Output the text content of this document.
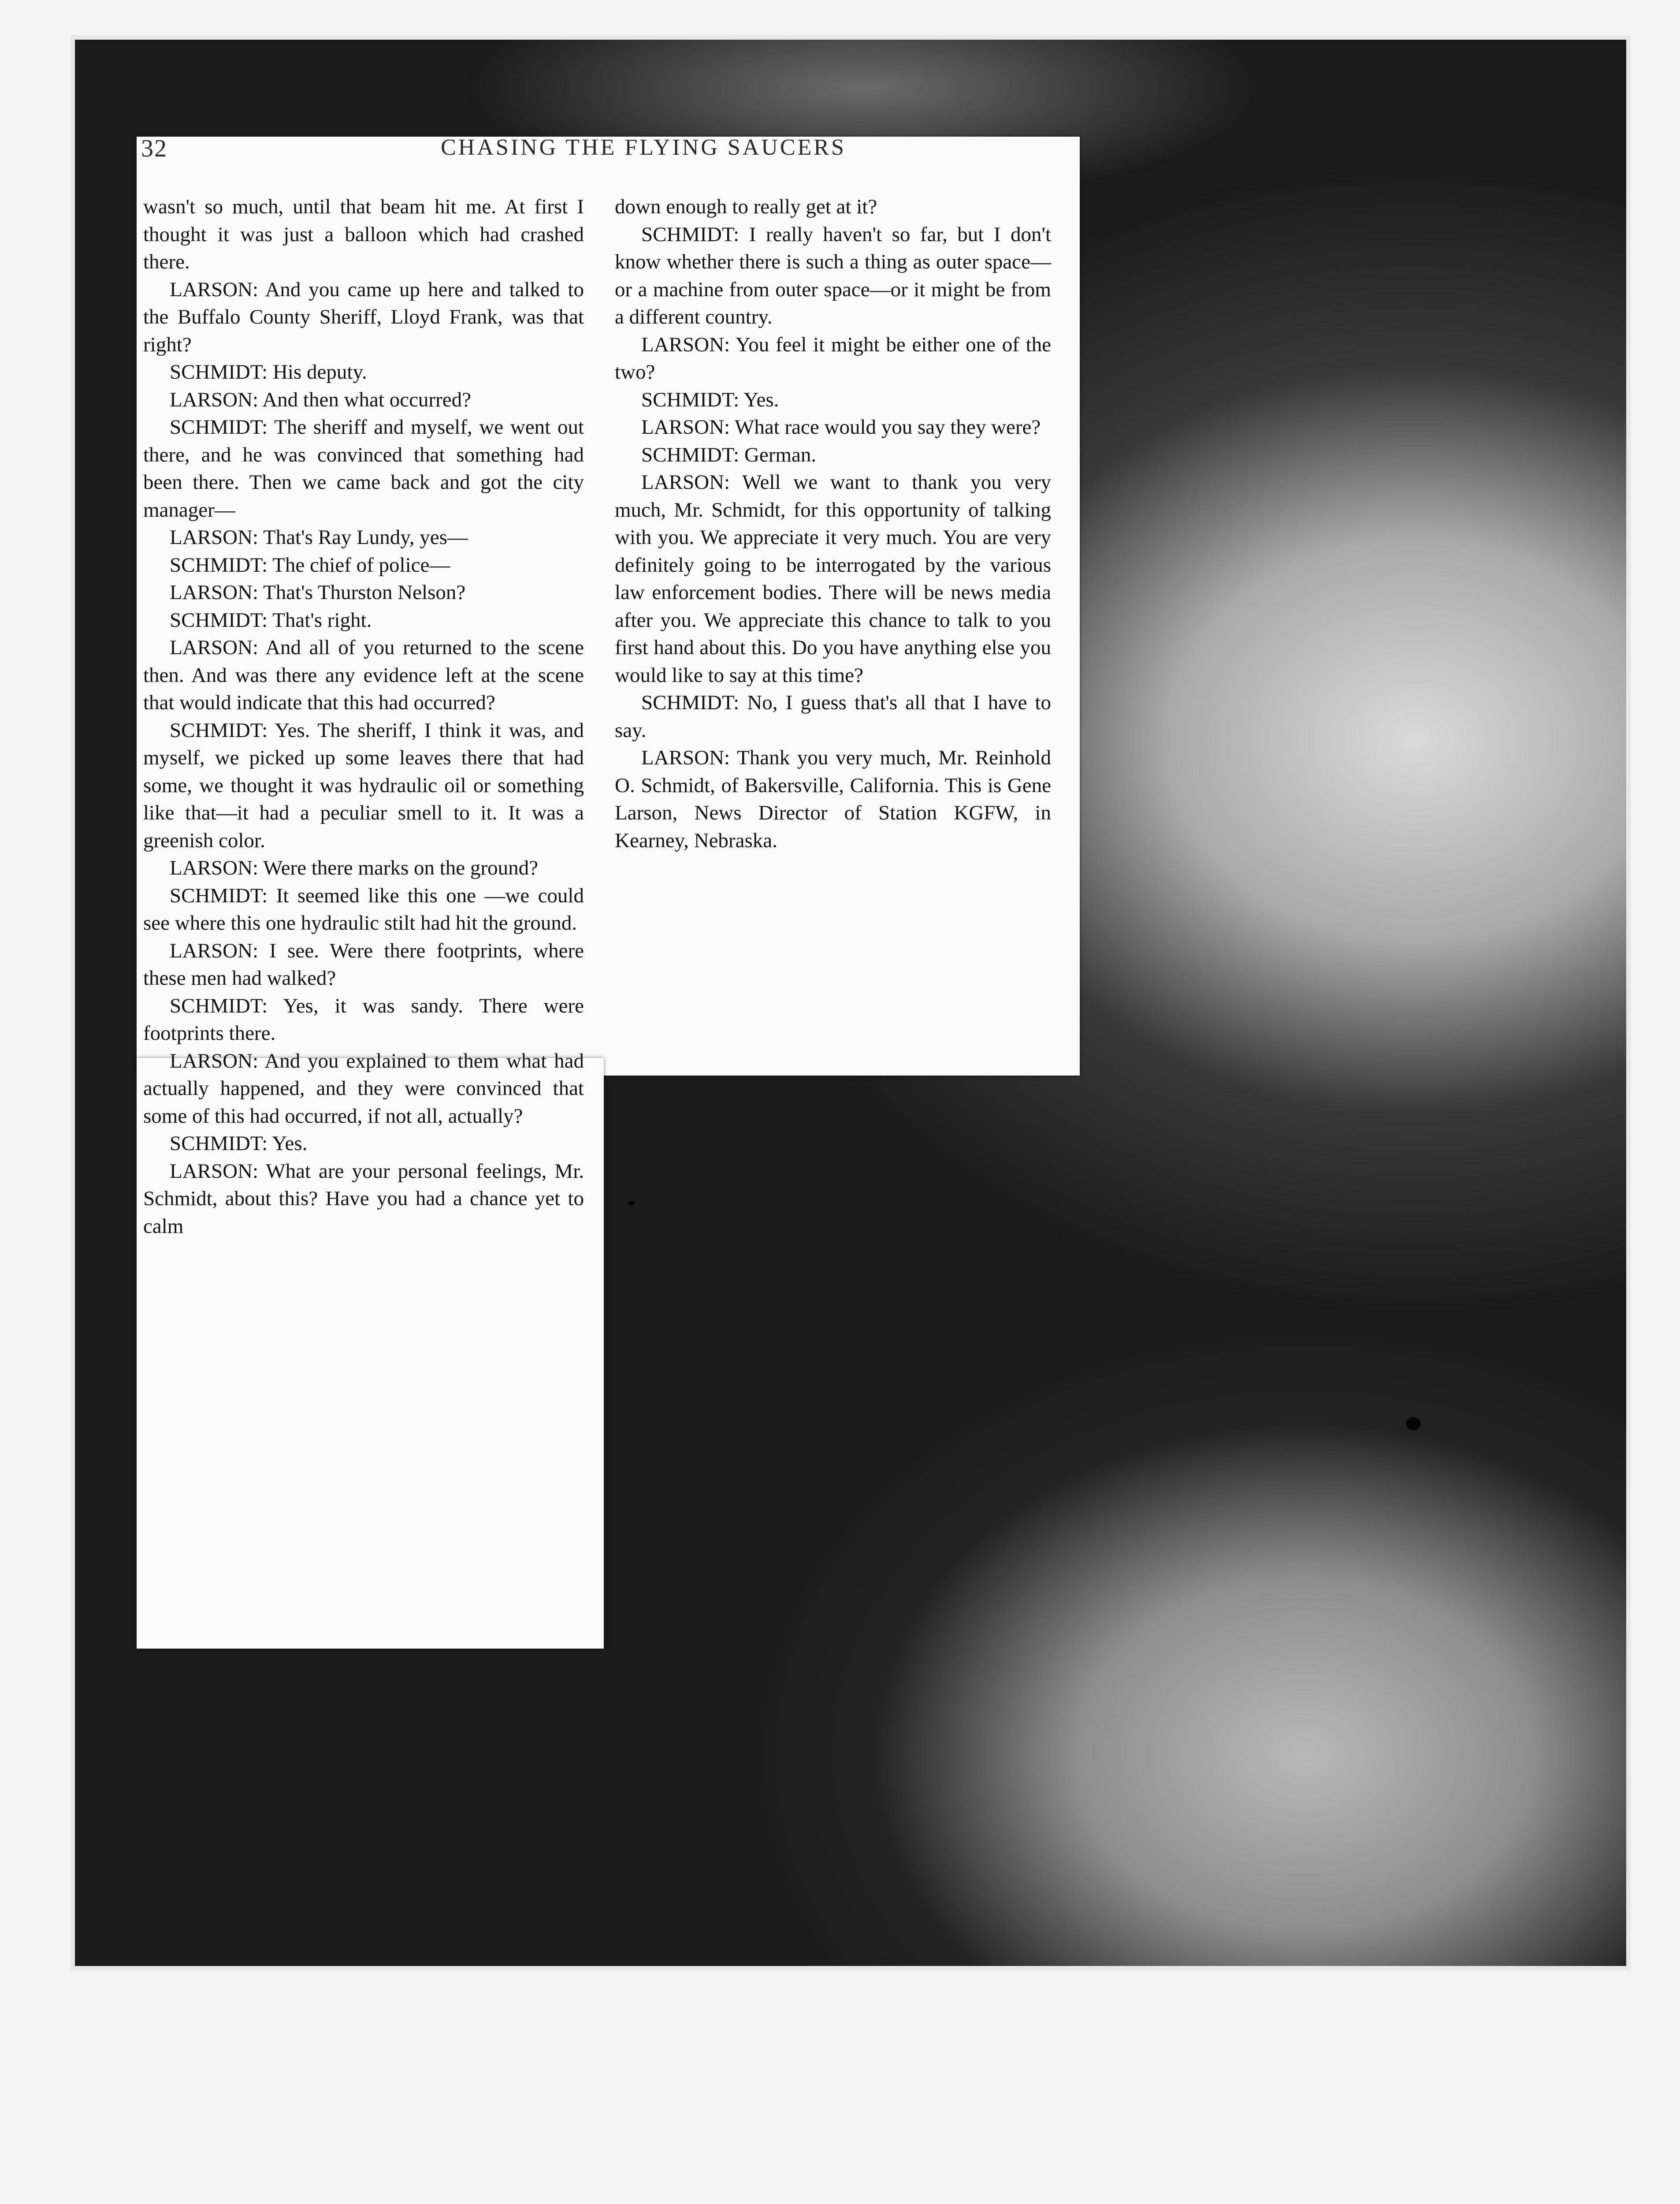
32	CHASING THE FLYING SAUCERS

wasn't so much, until that beam hit me. At first I thought it was just a balloon which had crashed there.

LARSON: And you came up here and talked to the Buffalo County Sheriff, Lloyd Frank, was that right?

SCHMIDT: His deputy.

LARSON: And then what occurred?

SCHMIDT: The sheriff and myself, we went out there, and he was convinced that something had been there. Then we came back and got the city manager—

LARSON: That's Ray Lundy, yes—

SCHMIDT: The chief of police—

LARSON: That's Thurston Nelson?

SCHMIDT: That's right.

LARSON: And all of you returned to the scene then. And was there any evidence left at the scene that would indicate that this had occurred?

SCHMIDT: Yes. The sheriff, I think it was, and myself, we picked up some leaves there that had some, we thought it was hydraulic oil or something like that—it had a peculiar smell to it. It was a greenish color.

LARSON: Were there marks on the ground?

SCHMIDT: It seemed like this one —we could see where this one hydraulic stilt had hit the ground.

LARSON: I see. Were there footprints, where these men had walked?

SCHMIDT: Yes, it was sandy. There were footprints there.

LARSON: And you explained to them what had actually happened, and they were convinced that some of this had occurred, if not all, actually?

SCHMIDT: Yes.

LARSON: What are your personal feelings, Mr. Schmidt, about this? Have you had a chance yet to calm

down enough to really get at it?

SCHMIDT: I really haven't so far, but I don't know whether there is such a thing as outer space—or a machine from outer space—or it might be from a different country.

LARSON: You feel it might be either one of the two?

SCHMIDT: Yes.

LARSON: What race would you say they were?

SCHMIDT: German.

LARSON: Well we want to thank you very much, Mr. Schmidt, for this opportunity of talking with you. We appreciate it very much. You are very definitely going to be interrogated by the various law enforcement bodies. There will be news media after you. We appreciate this chance to talk to you first hand about this. Do you have anything else you would like to say at this time?

SCHMIDT: No, I guess that's all that I have to say.

LARSON: Thank you very much, Mr. Reinhold O. Schmidt, of Bakersville, California. This is Gene Larson, News Director of Station KGFW, in Kearney, Nebraska.
